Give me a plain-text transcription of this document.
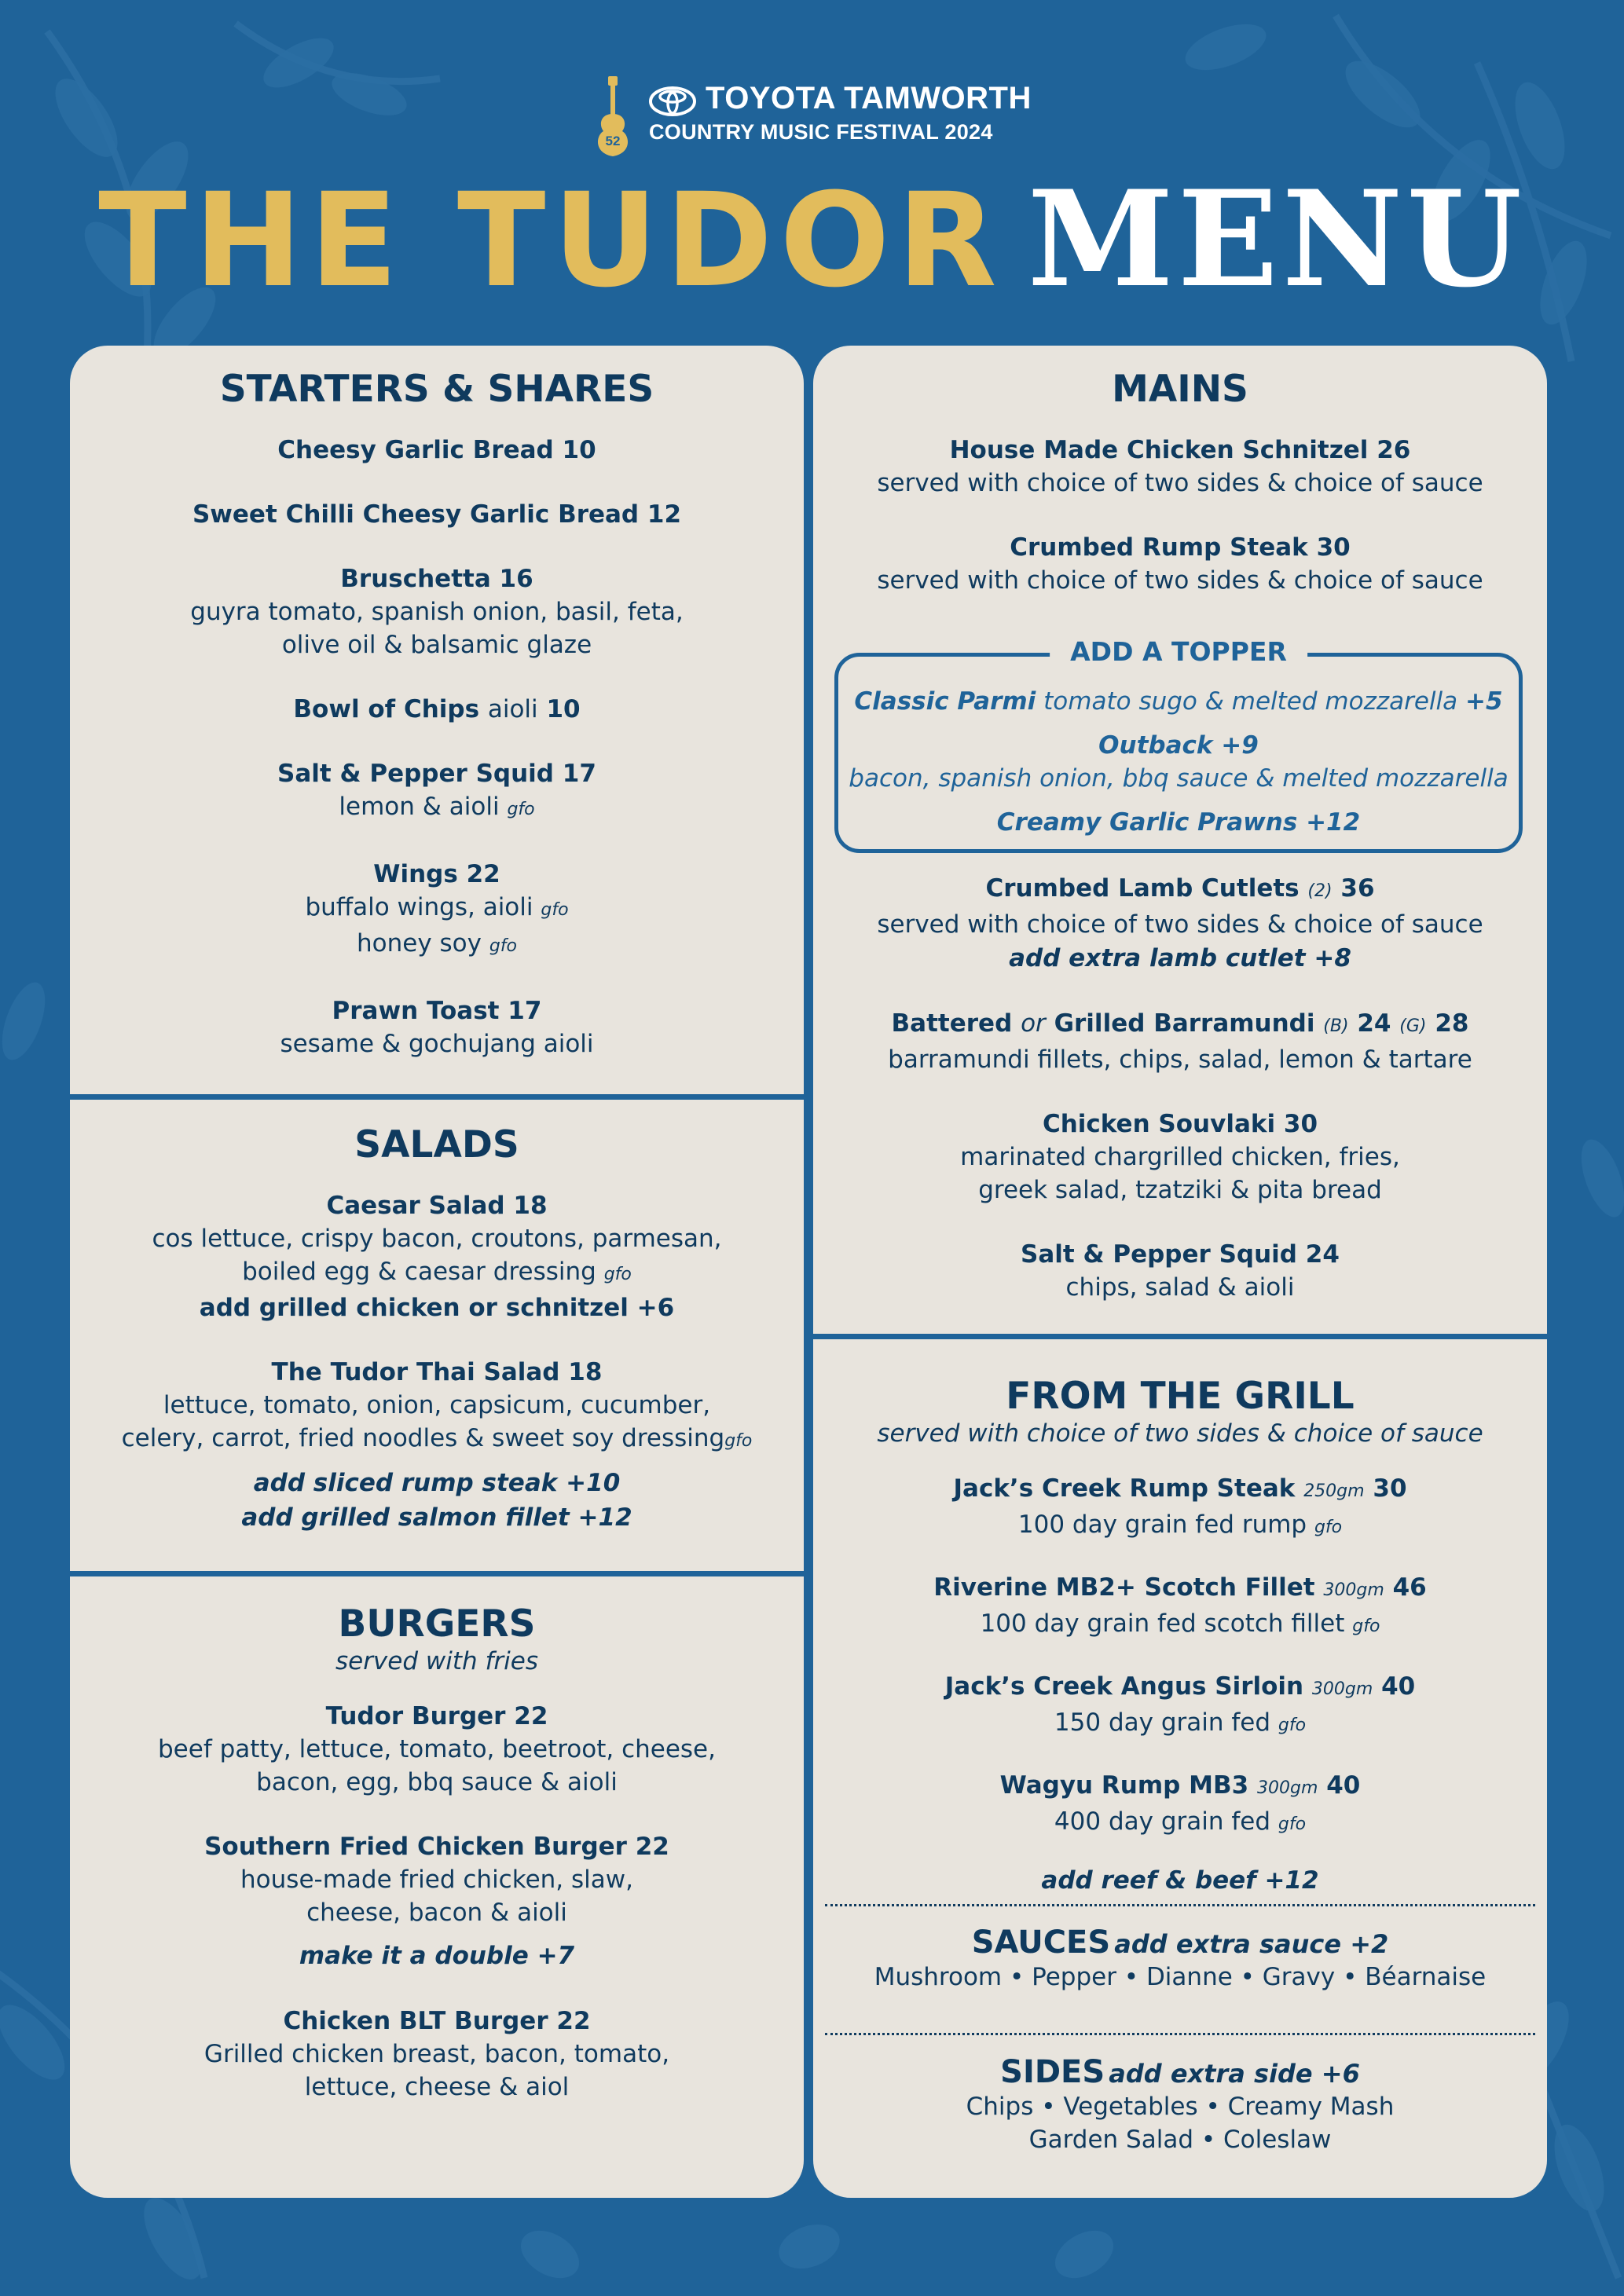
52
TOYOTA TAMWORTH
COUNTRY MUSIC FESTIVAL 2024
THE TUDOR MENU
STARTERS & SHARES
Cheesy Garlic Bread 10
Sweet Chilli Cheesy Garlic Bread 12
Bruschetta 16
guyra tomato, spanish onion, basil, feta,
olive oil & balsamic glaze
Bowl of Chips aioli 10
Salt & Pepper Squid 17
lemon & aioli gfo
Wings 22
buffalo wings, aioli gfo
honey soy gfo
Prawn Toast 17
sesame & gochujang aioli
SALADS
Caesar Salad 18
cos lettuce, crispy bacon, croutons, parmesan,
boiled egg & caesar dressing gfo
add grilled chicken or schnitzel +6
The Tudor Thai Salad 18
lettuce, tomato, onion, capsicum, cucumber,
celery, carrot, fried noodles & sweet soy dressinggfo
add sliced rump steak +10
add grilled salmon fillet +12
BURGERS
served with fries
Tudor Burger 22
beef patty, lettuce, tomato, beetroot, cheese,
bacon, egg, bbq sauce & aioli
Southern Fried Chicken Burger 22
house-made fried chicken, slaw,
cheese, bacon & aioli
make it a double +7
Chicken BLT Burger 22
Grilled chicken breast, bacon, tomato,
lettuce, cheese & aiol
MAINS
House Made Chicken Schnitzel 26
served with choice of two sides & choice of sauce
Crumbed Rump Steak 30
served with choice of two sides & choice of sauce
ADD A TOPPER
Classic Parmi tomato sugo & melted mozzarella +5
Outback +9
bacon, spanish onion, bbq sauce & melted mozzarella
Creamy Garlic Prawns +12
Crumbed Lamb Cutlets (2) 36
served with choice of two sides & choice of sauce
add extra lamb cutlet +8
Battered or Grilled Barramundi (B) 24 (G) 28
barramundi fillets, chips, salad, lemon & tartare
Chicken Souvlaki 30
marinated chargrilled chicken, fries,
greek salad, tzatziki & pita bread
Salt & Pepper Squid 24
chips, salad & aioli
FROM THE GRILL
served with choice of two sides & choice of sauce
Jack’s Creek Rump Steak 250gm 30
100 day grain fed rump gfo
Riverine MB2+ Scotch Fillet 300gm 46
100 day grain fed scotch fillet gfo
Jack’s Creek Angus Sirloin 300gm 40
150 day grain fed gfo
Wagyu Rump MB3 300gm 40
400 day grain fed gfo
add reef & beef +12
SAUCES add extra sauce +2
Mushroom • Pepper • Dianne • Gravy • Béarnaise
SIDES add extra side +6
Chips • Vegetables • Creamy Mash
Garden Salad • Coleslaw
